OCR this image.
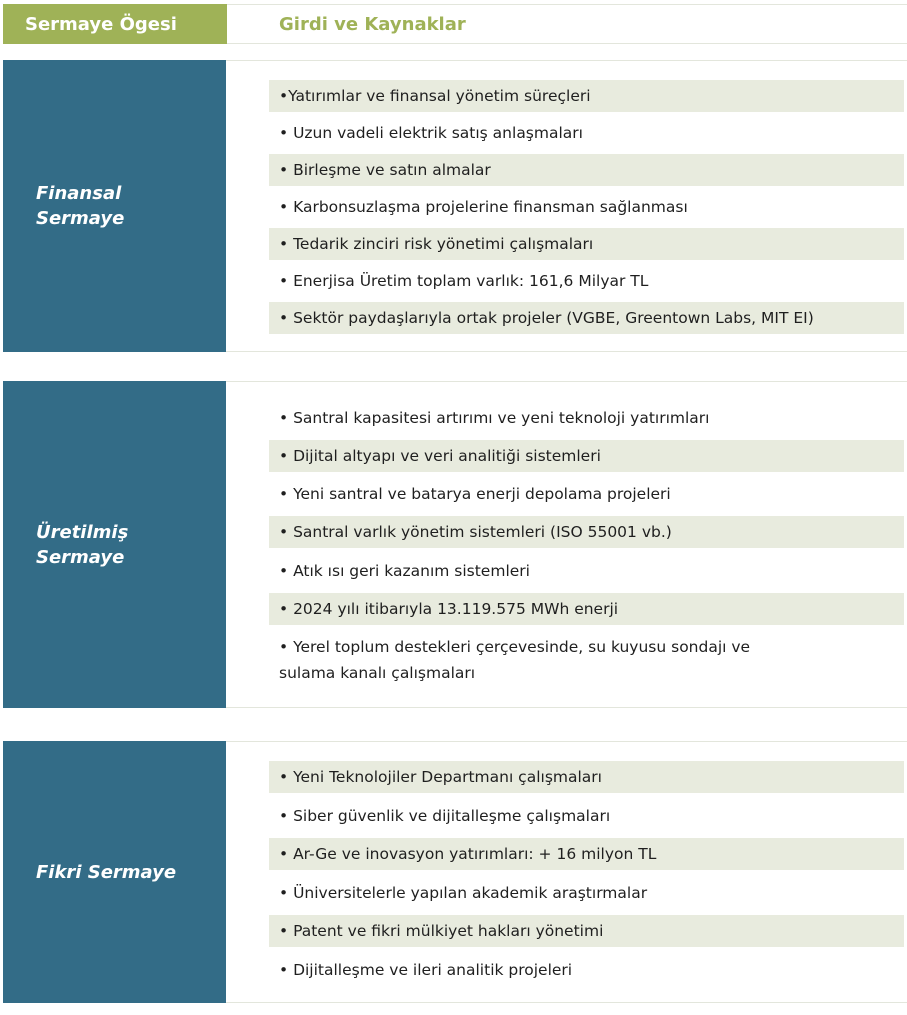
Sermaye Ögesi	Girdi ve Kaynaklar
Finansal
Sermaye
•Yatırımlar ve finansal yönetim süreçleri
• Uzun vadeli elektrik satış anlaşmaları
• Birleşme ve satın almalar
• Karbonsuzlaşma projelerine finansman sağlanması
• Tedarik zinciri risk yönetimi çalışmaları
• Enerjisa Üretim toplam varlık: 161,6 Milyar TL
• Sektör paydaşlarıyla ortak projeler (VGBE, Greentown Labs, MIT EI)
Üretilmiş
Sermaye
• Santral kapasitesi artırımı ve yeni teknoloji yatırımları
• Dijital altyapı ve veri analitiği sistemleri
• Yeni santral ve batarya enerji depolama projeleri
• Santral varlık yönetim sistemleri (ISO 55001 vb.)
• Atık ısı geri kazanım sistemleri
• 2024 yılı itibarıyla 13.119.575 MWh enerji
• Yerel toplum destekleri çerçevesinde, su kuyusu sondajı ve
sulama kanalı çalışmaları
Fikri Sermaye
• Yeni Teknolojiler Departmanı çalışmaları
• Siber güvenlik ve dijitalleşme çalışmaları
• Ar-Ge ve inovasyon yatırımları: + 16 milyon TL
• Üniversitelerle yapılan akademik araştırmalar
• Patent ve fikri mülkiyet hakları yönetimi
• Dijitalleşme ve ileri analitik projeleri
